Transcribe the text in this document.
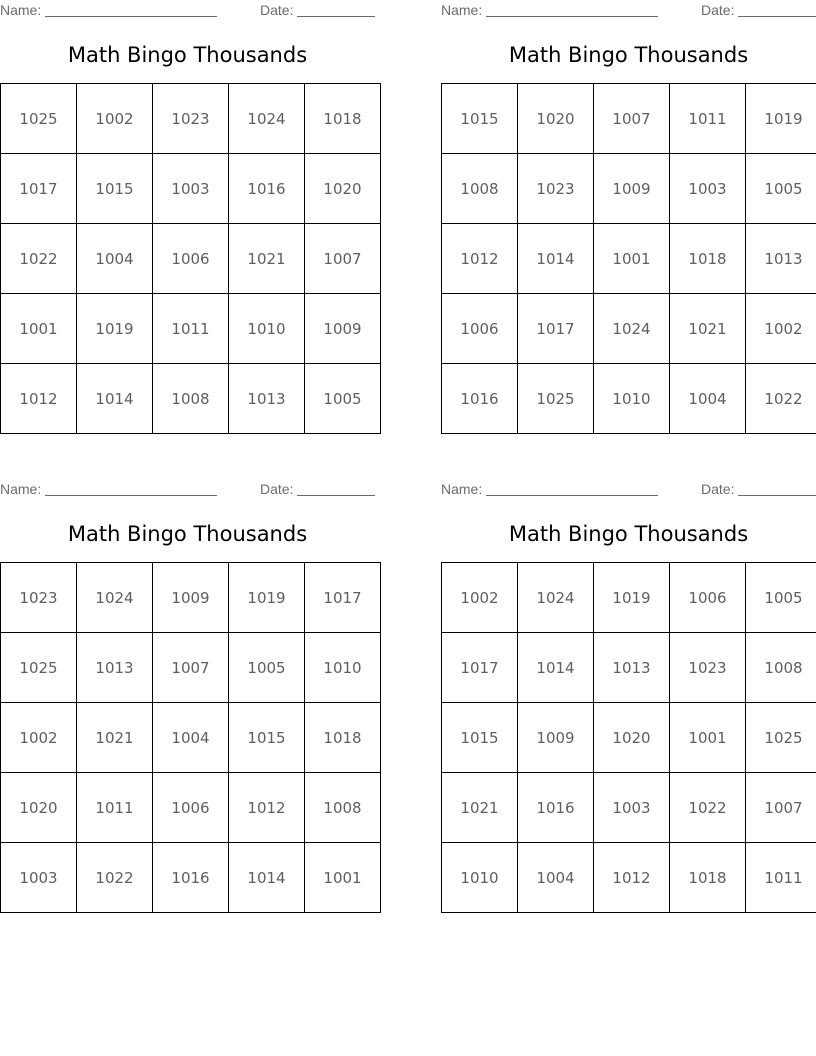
Name:	Date:
Math Bingo Thousands
1025	1002	1023	1024	1018
1017	1015	1003	1016	1020
1022	1004	1006	1021	1007
1001	1019	1011	1010	1009
1012	1014	1008	1013	1005
Name:	Date:
Math Bingo Thousands
1015	1020	1007	1011	1019
1008	1023	1009	1003	1005
1012	1014	1001	1018	1013
1006	1017	1024	1021	1002
1016	1025	1010	1004	1022
Name:	Date:
Math Bingo Thousands
1023	1024	1009	1019	1017
1025	1013	1007	1005	1010
1002	1021	1004	1015	1018
1020	1011	1006	1012	1008
1003	1022	1016	1014	1001
Name:	Date:
Math Bingo Thousands
1002	1024	1019	1006	1005
1017	1014	1013	1023	1008
1015	1009	1020	1001	1025
1021	1016	1003	1022	1007
1010	1004	1012	1018	1011
